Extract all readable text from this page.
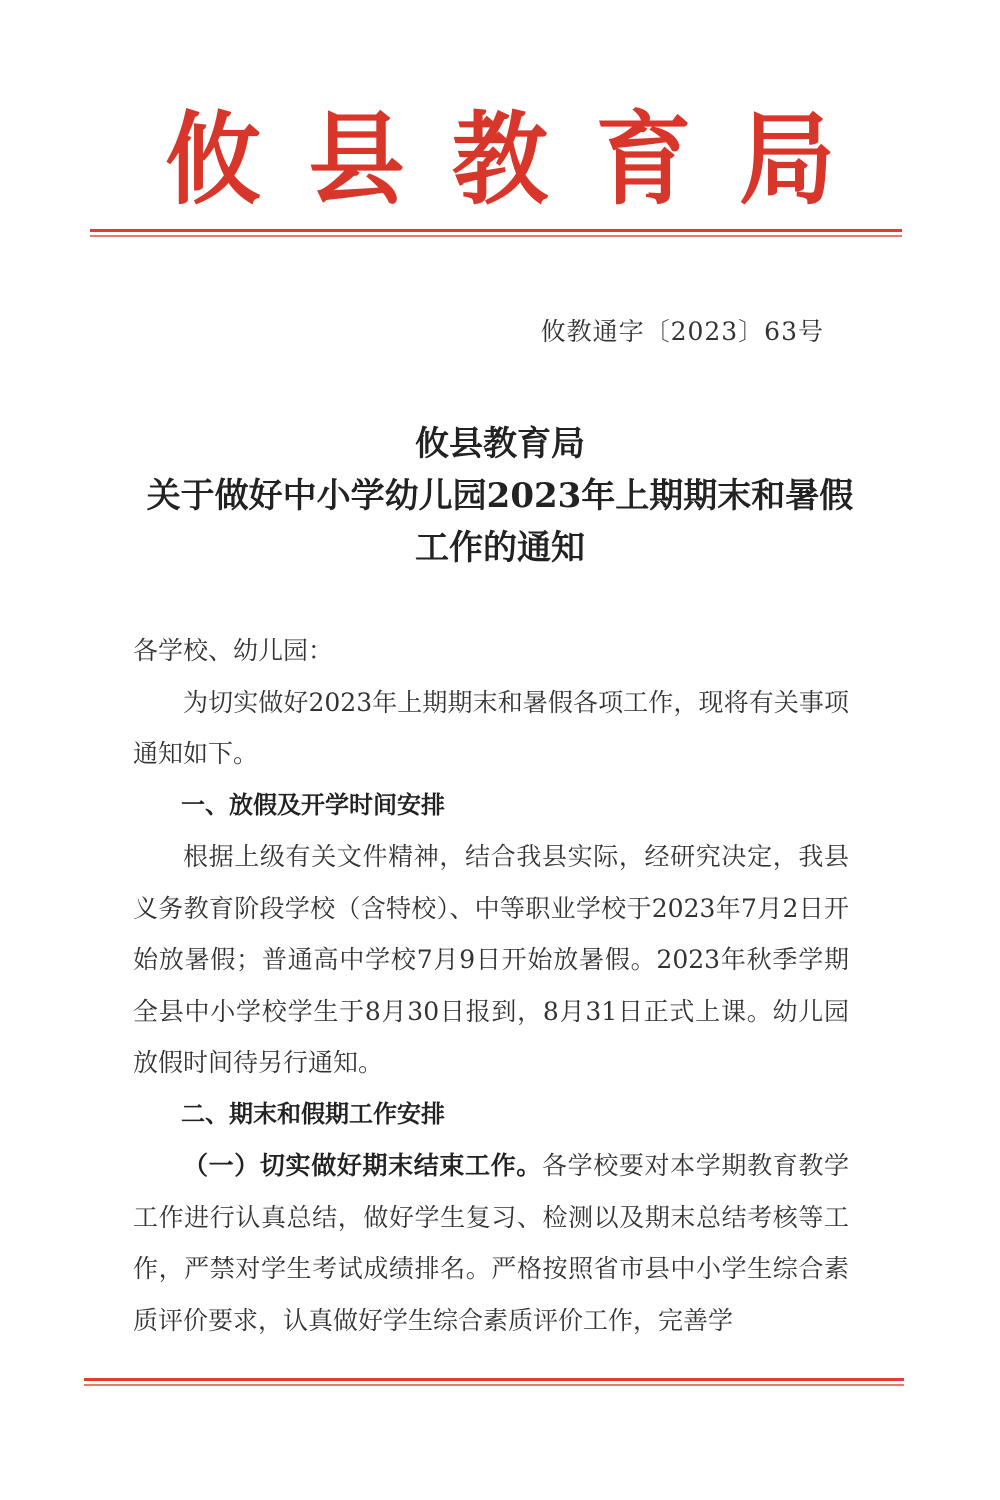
攸 县 教 育 局
攸教通字〔2023〕63号
攸县教育局
关于做好中小学幼儿园2023年上期期末和暑假
工作的通知

各学校、幼儿园：

为切实做好2023年上期期末和暑假各项工作，现将有关事项通知如下。

一、放假及开学时间安排

根据上级有关文件精神，结合我县实际，经研究决定，我县义务教育阶段学校（含特校）、中等职业学校于2023年7月2日开始放暑假；普通高中学校7月9日开始放暑假。2023年秋季学期全县中小学校学生于8月30日报到，8月31日正式上课。幼儿园放假时间待另行通知。

二、期末和假期工作安排

（一）切实做好期末结束工作。各学校要对本学期教育教学工作进行认真总结，做好学生复习、检测以及期末总结考核等工作，严禁对学生考试成绩排名。严格按照省市县中小学生综合素质评价要求，认真做好学生综合素质评价工作，完善学
